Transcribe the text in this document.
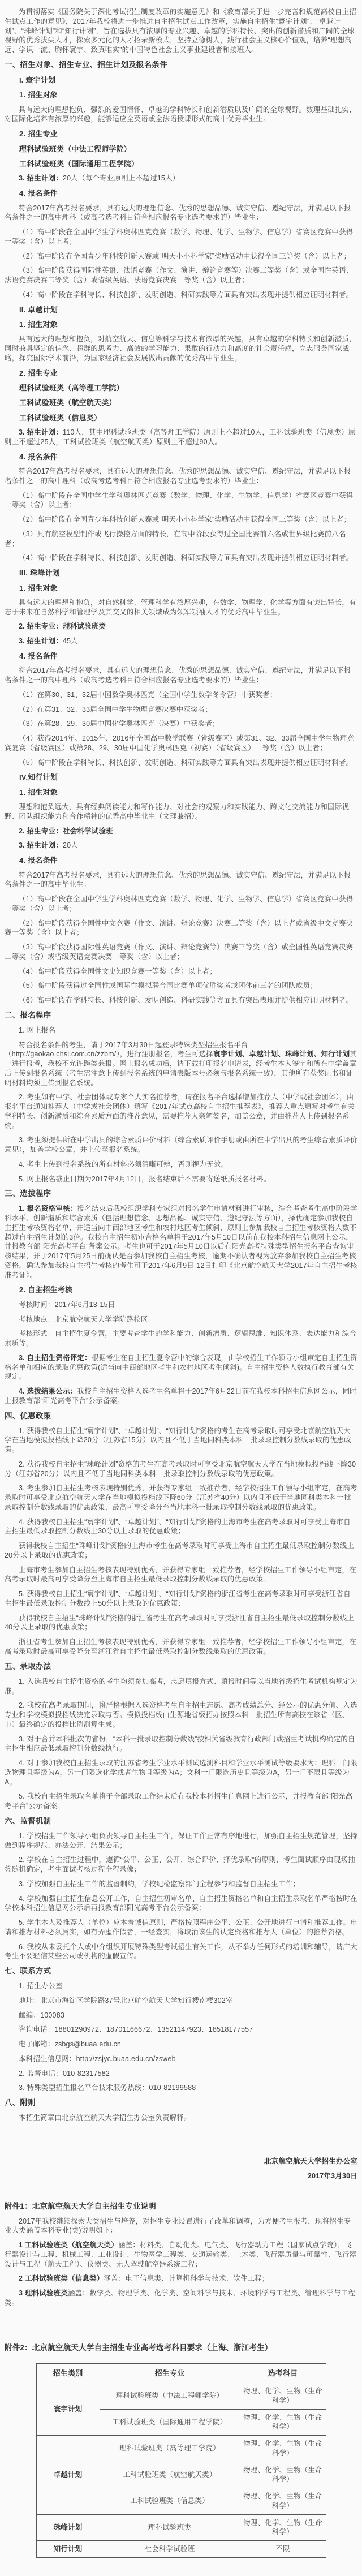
为贯彻落实《国务院关于深化考试招生制度改革的实施意见》和《教育部关于进一步完善和规范高校自主招生试点工作的意见》，2017年我校将进一步推进自主招生试点工作改革，实施自主招生“寰宇计划”、“卓越计划”、“珠峰计划”和“知行计划”，旨在选拔具有浓厚的专业兴趣、卓越的学科特长、突出的创新潜质和广阔的全球视野的优秀拔尖人才，探索多元化的人才招录新模式，坚持立德树人，践行社会主义核心价值观，培养“理想高远、学识一流、胸怀寰宇、致真唯实”的中国特色社会主义事业建设者和接班人。

一、招生对象、招生专业、招生计划及报名条件

I. 寰宇计划

1. 招生对象

具有远大的理想抱负、强烈的爱国情怀、卓越的学科特长和创新潜质以及广阔的全球视野。数理基础扎实，对国际化培养有浓厚的兴趣，能够适应全英语或全法语授课形式的高中优秀毕业生。

2. 招生专业

理科试验班类（中法工程师学院）

工科试验班类（国际通用工程学院）

3. 招生计划：20人（每个专业原则上不超过15人）

4. 报名条件

符合2017年高考报名要求，具有远大的理想信念、优秀的思想品德、诚实守信、遵纪守法，并满足以下报名条件之一的高中理科（或高考选考科目符合相应报名专业选考要求的）毕业生：

（1）高中阶段在全国中学生学科奥林匹克竞赛（数学、物理、化学、生物学、信息学）省赛区竞赛中获得一等奖（含）以上者；

（2）高中阶段在全国青少年科技创新大赛或“明天小小科学家”奖励活动中获得全国三等奖（含）以上者；

（3）高中阶段获得国际性英语、法语竞赛（作文、演讲、辩论竞赛等）决赛三等奖（含）或全国性英语、法语竞赛决赛二等奖（含）或省级英语、法语竞赛决赛一等奖（含）以上者；

（4）高中阶段在学科特长、科技创新、发明创造、科研实践等方面具有突出表现并提供相应证明材料者。

II. 卓越计划

1. 招生对象

具有远大的理想和抱负，对航空航天、信息等科学与技术有浓厚的兴趣，具有卓越的学科特长和创新潜质，同时兼具坚定的信念、超群的思考力、高效的学习能力、果敢的行动力和高度的社会责任感，立志服务国家战略，探究国际学术前沿，为国家经济社会发展做出贡献的优秀高中毕业生。

2. 招生专业

理科试验班类（高等理工学院）

工科试验班类（航空航天类）

工科试验班类（信息类）

3. 招生计划：110人，其中理科试验班类（高等理工学院）原则上不超过10人，工科试验班类（信息类）原则上不超过25人，工科试验班类（航空航天类）原则上不超过90人。

4. 报名条件

符合2017年高考报名要求，具有远大的理想信念、优秀的思想品德、诚实守信、遵纪守法，并满足以下报名条件之一的高中理科（或高考选考科目符合相应报名专业选考要求的）毕业生：

（1）高中阶段在全国中学生学科奥林匹克竞赛（数学、物理、化学、生物学、信息学）省赛区竞赛中获得一等奖（含）以上者；

（2）高中阶段在全国青少年科技创新大赛或“明天小小科学家”奖励活动中获得全国三等奖（含）以上者；

（3）具有航空模型制作或飞行操控方面的特长，在高中阶段获得过全国比赛前六名或世界级比赛前八名者；

（4）高中阶段在学科特长、科技创新、发明创造、科研实践等方面具有突出表现并提供相应证明材料者。

III. 珠峰计划

1. 招生对象

具有远大的理想和抱负，对自然科学、管理科学有浓厚兴趣，在数学、物理学、化学等方面有突出特长，有志于未来在自然科学和管理学及其交叉的相关领域成为领军领袖人才的优秀高中毕业生。

2. 招生专业：理科试验班类

3. 招生计划：45人

4. 报名条件

符合2017年高考报名要求，具有远大的理想信念、优秀的思想品德、诚实守信、遵纪守法，并满足以下报名条件之一的高中理科（或高考选考科目符合相应报名专业选考要求的）毕业生：

（1）在第30、31、32届中国数学奥林匹克（全国中学生数学冬令营）中获奖者；

（2）在第31、32、33届全国中学生物理竞赛决赛中获奖者；

（3）在第28、29、30届中国化学奥林匹克（决赛）中获奖者；

（4）获得2014年、2015年、2016年全国高中数学联赛（省级赛区）或第31、32、33届全国中学生物理竞赛复赛（省级赛区）或第28、29、30届中国化学奥林匹克（初赛）（省级赛区）一等奖（含）以上者；

（5）高中阶段在学科特长、科技创新、发明创造、科研实践等方面具有突出表现并提供相应证明材料者。

IV.知行计划

1. 招生对象

理想和抱负远大，具有经典阅读能力和写作能力、对社会的观察力和实践能力、跨文化交流能力和国际视野、团队组织能力和合作精神的优秀高中毕业生（文理兼招）。

2. 招生专业：社会科学试验班

3. 招生计划：20人

4. 报名条件

符合2017年高考报名要求，具有远大的理想信念、优秀的思想品德、诚实守信、遵纪守法，并满足以下报名条件之一的高中毕业生：

（1）高中阶段在全国中学生学科奥林匹克竞赛（数学、物理、化学、生物学、信息学）省赛区竞赛中获得一等奖（含）以上者；

（2）高中阶段获得全国性中文竞赛（作文、演讲、辩论竞赛）决赛二等奖（含）以上者或省级中文竞赛决赛一等奖（含）以上者；

（3）高中阶段获得国际性英语竞赛（作文、演讲、辩论竞赛等）决赛三等奖（含）或全国性英语竞赛决赛二等奖（含）或省级英语竞赛决赛一等奖（含）以上者；

（4）高中阶段获得全国性文史知识竞赛一等奖（含）以上者；

（5）高中阶段获得过全国性或国际性模拟联合国比赛单项优胜奖者或团体前三名的团队成员；

（6）高中阶段在学科特长、科技创新、发明创造、科研实践等方面具有突出表现并提供相应证明材料者。

二、报名程序

1. 网上报名

符合报名条件的考生，请于2017年3月30日起登录特殊类型招生报名平台（http://gaokao.chsi.com.cn/zzbm/），进行注册报名，考生可选择寰宇计划、卓越计划、珠峰计划、知行计划其一进行报考，我校不允许跨类兼报。网上报名成功后，请下载打印报名申请表，经考生本人签字和所在中学盖章后上传到报名系统（考生需注意上传到报名系统的申请表版本号必须与报名系统一致），其他所有获奖证书和证明材料均须上传到报名系统。

2. 考生如有中学、社会团体或专家个人实名推荐者，请在报名平台选择增加推荐人（中学或社会团体），由报名平台通知推荐人（中学或社会团体）填写《2017年试点高校自主招生推荐表》，推荐人重点填写对考生有关学科特长、创新潜质和综合素质方面的推荐意见，需要推荐人亲笔签名，加盖公章，并由推荐人上传到报名系统。

3. 考生须提供所在中学出具的综合素质评价材料（综合素质评价手册或由所在中学出具的考生综合素质评价意见），加盖学校公章，并上传至报名系统。

4. 考生上传到报名系统的所有材料必须清晰可辨，否则视为无效。

5. 网上报名截止日期为2017年4月12日，报名结束后不需要寄送纸质报名材料。

三、选拔程序

1. 报名资格审核：报名结束后我校组织学科专家组对报名学生申请材料进行审核，综合考查考生高中阶段学科水平、创新潜质和综合素质（包括理想信念、思想品德、诚实守信、遵纪守法等方面），择优确定参加我校自主招生考核资格名单，并适当向中西部地区考生和农村地区考生倾斜，原则上参加我校自主招生考核资格人数不超过自主招生计划的3倍。我校自主招生初审合格名单将于2017年5月10日以前在我校本科招生信息网上公示，并报教育部“阳光高考平台”备案公示。考生也可于2017年5月10日以后在阳光高考特殊类型招生报名平台查询审核结果，并于2017年5月25日前确认是否参加我校自主招生考核，逾期不确认者视为放弃参加我校自主招生考核资格。确认参加我校自主招生考核的考生可于2017年6月9日-12日打印《北京航空航天大学2017年自主招生考核准考证》。

2. 自主招生考核

考核时间：2017年6月13-15日

考核地点：北京航空航天大学学院路校区

考核形式：自主招生夏令营，主要考查学生的学科能力、创新潜质、逻辑思维、知识体系、表达能力和综合素质等。

3. 自主招生资格评定：根据考生在自主招生夏令营中的综合表现，由学校招生工作领导小组审定自主招生资格名单和相应的录取优惠政策(适当向中西部地区考生和农村地区考生倾斜)。自主招生资格人数执行教育部有关规定。

4. 选拔结果公示：我校自主招生资格入选考生名单将于2017年6月22日前在我校本科招生信息网公示，同时上报教育部“阳光高考平台”公示备案。

四、优惠政策

1. 获得我校自主招生“寰宇计划”、“卓越计划”、“知行计划”资格的考生在高考录取时可享受北京航空航天大学在当地模拟投档线下降20分（江苏省15分）以内且不低于当地同科类本科一批录取控制分数线录取的优惠政策。

2. 获得我校自主招生“珠峰计划”资格的考生在高考录取时可享受北京航空航天大学在当地模拟投档线下降30分（江苏省20分）以内且不低于当地同科类本科一批录取控制分数线录取的优惠政策。

3. 考生参加自主招生考核表现特别优秀，并获得专家组一致推荐者，经学校招生工作领导小组审定，在高考录取时可享受北京航空航天大学在当地模拟投档线下降60分（江苏省40分）以内且不低于当地同科类本科一批录取控制分数线录取的优惠政策，最高可享受降分至当地本科一批录取控制分数线录取的优惠政策。

4. 获得我校自主招生“寰宇计划”、“卓越计划”、“知行计划”资格的上海市考生在高考录取时可享受上海市自主招生最低录取控制分数线上30分以上录取的优惠政策；

获得我校自主招生“珠峰计划”资格的上海市考生在高考录取时可享受上海市自主招生最低录取控制分数线上20分以上录取的优惠政策；

上海市考生参加自主招生考核表现特别优秀，并获得专家组一致推荐者，经学校招生工作领导小组审定，在高考录取时最高可享受降分至上海市自主招生最低录取控制分数线录取的优惠政策。

5. 获得我校自主招生“寰宇计划”、“卓越计划”、“知行计划”资格的浙江省考生在高考录取时可享受浙江省自主招生最低录取控制分数线上50分以上录取的优惠政策；

获得我校自主招生“珠峰计划”资格的浙江省考生在高考录取时可享受浙江省自主招生最低录取控制分数线上40分以上录取的优惠政策；

浙江省考生参加自主招生考核表现特别优秀，并获得专家组一致推荐者，经学校招生工作领导小组审定，在高考录取时最高可享受降分至浙江省自主招生最低录取控制分数线录取的优惠政策。

五、录取办法

1. 入选我校自主招生资格的考生均须参加高考，志愿填报方式、填报时间等以当地省级招生考试机构规定为准。

2. 我校在高考录取期间，将严格根据入选资格考生自主招生志愿、高考成绩总分、经公示的优惠分值、入选专业和学校模拟投档线决定录取与否。模拟投档线由生源地省级招办按照本科一批招生所有高校在该省（区、市）最终确定的投档比例测算生成。

3. 对于合并本科批次的省份，“本科一批录取控制分数线”按相关省级教育行政部门或招生考试机构确定的自主招生相应最低录取控制分数线执行。

4. 对于参加我校自主招生录取的江苏省考生学业水平测试选测科目和学业水平测试等级要求为：理科一门限选物理且等级为A，另一门限选化学或者生物且等级为A；文科一门限选历史且等级为A，另一门不限且等级为A。

5. 我校自主招生录取名单将于全部录取工作结束后在我校本科招生信息网上进行公示，并报教育部“阳光高考平台”公示备案。

六、监督机制

1. 学校招生工作领导小组负责领导自主招生工作，保证工作正常有序地进行，加强自主招生规范管理，坚持做到程序规范、办法公开、结果公示；

2. 学校在自主招生过程中，遵循“公平、公正、公开、综合评价、择优录取”的原则，考生面试顺序由现场抽签随机确定，考生面试考核过程全程录像；

3. 学校加强自主招生工作的监督制约，学校纪检监察部门全程参与和监督自主招生工作；

4. 学校加强自主招生信息公开工作，自主招生初审名单、自主招生资格名单和自主招生录取名单严格按时在学校本科招生信息网公示后再报教育部阳光高考平台公示备案；

5. 学生本人及推荐人（单位）应本着诚信原则，严格按照程序公平、公正、公开地进行申请和推荐工作。申请和推荐材料必须属实，如有弄虚作假者，一经查实，将取消该生的认定资格和推荐人（单位）的推荐资格。

6. 我校从未委托个人或中介组织开展特殊类型考试招生有关工作，从不举办任何形式的培训和辅导，请广大考生不要轻信某些公司或机构的虚假宣传。

七、联系方式

1. 招生办公室

地址：北京市海淀区学院路37号北京航空航天大学知行楼南楼302室

邮编：100083

咨询电话：18801290972、18701166672、13521147923、18518177557

电子邮箱：zsbgs@buaa.edu.cn

本科招生信息网：http://zsjyc.buaa.edu.cn/zsweb

2. 监督电话：010-82317582

3. 特殊类型招生报名平台技术服务热线：010-82199588

八、附则

本招生简章由北京航空航天大学招生办公室负责解释。

北京航空航天大学招生办公室

2017年3月30日

附件1：北京航空航天大学自主招生专业说明

2017年我校继续探索大类招生与培养，对招生专业设置进行了改革和调整，为方便考生报考，现将招生专业大类涵盖本科专业(类)说明如下：

1 工科试验班类（航空航天类）涵盖：材料类、自动化类、电气类、飞行器动力工程（国家试点学院）、飞行器设计与工程、机械工程、工业设计、生物医学工程类、交通运输类、土木类、飞行器质量与可靠性、飞行器设计与工程（航天工程）、仪器类、无人驾驶航空器系统工程；

2 工科试验班类（信息类）涵盖：电子信息类、计算机科学与技术、软件工程；

3 理科试验班类涵盖：数学类、物理学类、化学类、空间科学与技术、环境科学与工程类、管理科学与工程类。

附件2：北京航空航天大学自主招生专业高考选考科目要求（上海、浙江考生）

招生类别	招生专业	选考科目
寰宇计划	理科试验班类（中法工程师学院）	物理、化学、生物（生命科学）
	工科试验班类（国际通用工程学院）	物理、化学、生物（生命科学）
卓越计划	理科试验班类（高等理工学院）	物理、化学、生物（生命科学）
	工科试验班类（航空航天类）	物理、化学、生物（生命科学）
	工科试验班类（信息类）	物理、化学、生物（生命科学）
珠峰计划	理科试验班类	物理、化学、生物（生命科学）
知行计划	社会科学试验班	不限
